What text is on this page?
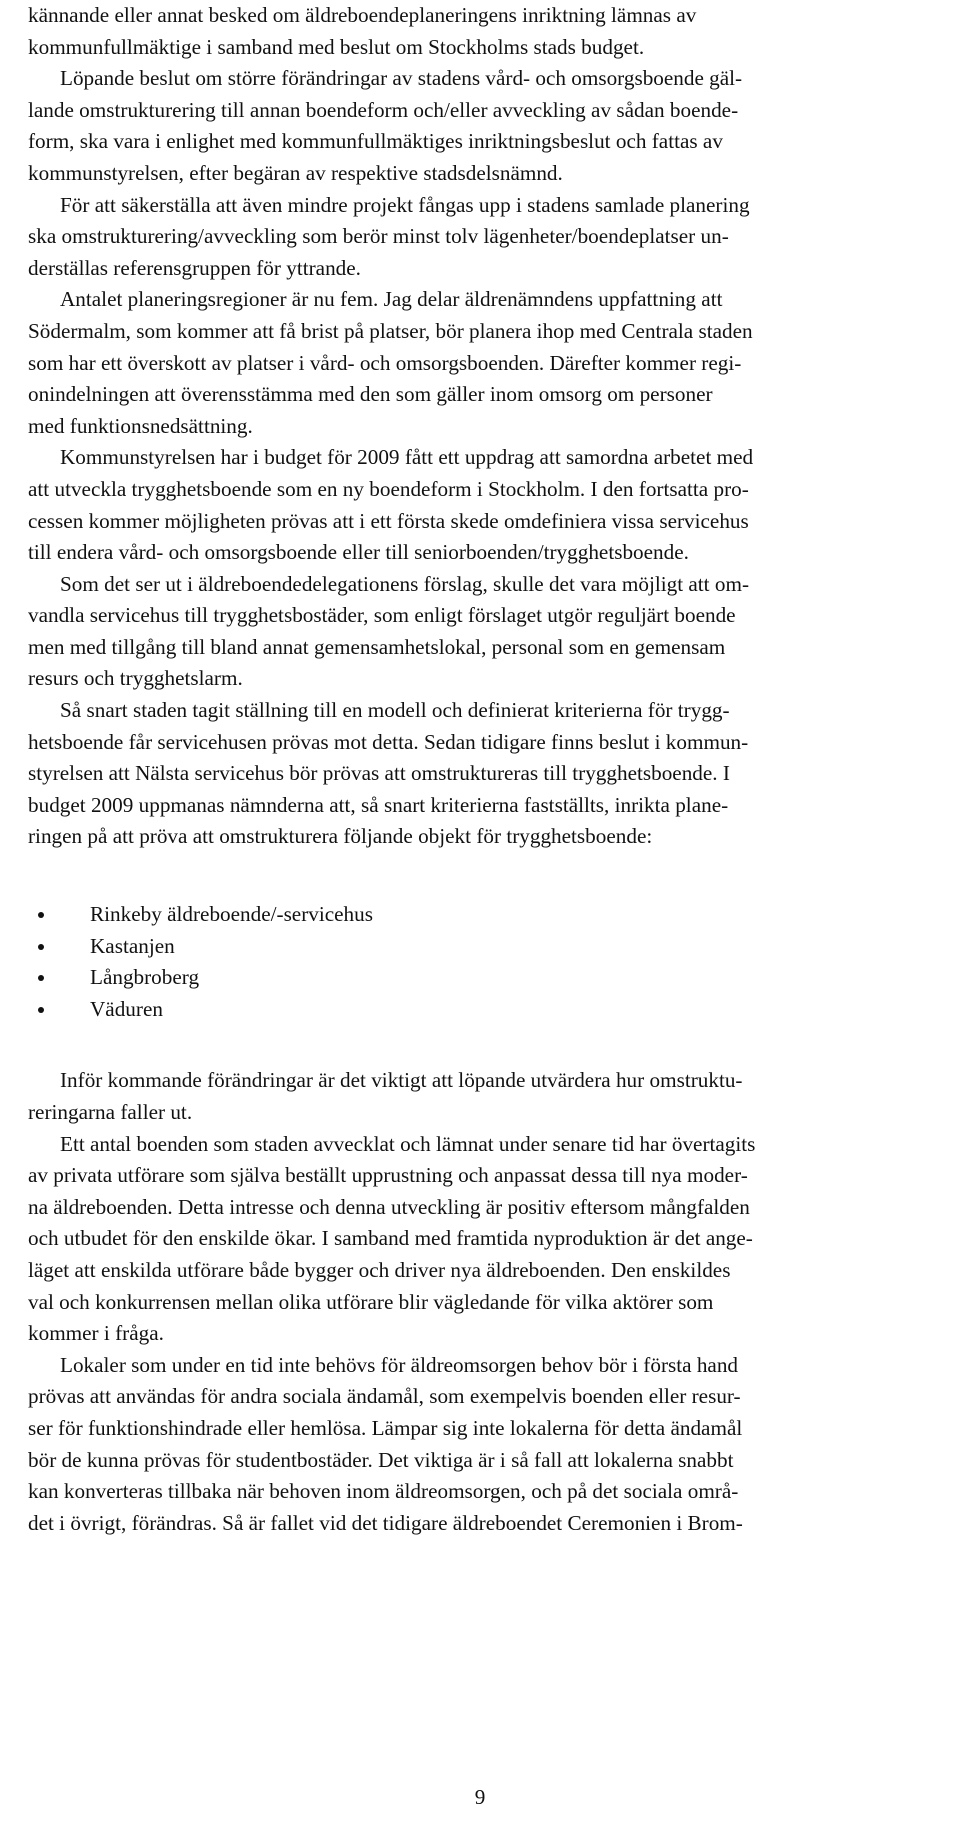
kännande eller annat besked om äldreboendeplaneringens inriktning lämnas av
kommunfullmäktige i samband med beslut om Stockholms stads budget.
Löpande beslut om större förändringar av stadens vård- och omsorgsboende gäl-
lande omstrukturering till annan boendeform och/eller avveckling av sådan boende-
form, ska vara i enlighet med kommunfullmäktiges inriktningsbeslut och fattas av
kommunstyrelsen, efter begäran av respektive stadsdelsnämnd.
För att säkerställa att även mindre projekt fångas upp i stadens samlade planering
ska omstrukturering/avveckling som berör minst tolv lägenheter/boendeplatser un-
derställas referensgruppen för yttrande.
Antalet planeringsregioner är nu fem. Jag delar äldrenämndens uppfattning att
Södermalm, som kommer att få brist på platser, bör planera ihop med Centrala staden
som har ett överskott av platser i vård- och omsorgsboenden. Därefter kommer regi-
onindelningen att överensstämma med den som gäller inom omsorg om personer
med funktionsnedsättning.
Kommunstyrelsen har i budget för 2009 fått ett uppdrag att samordna arbetet med
att utveckla trygghetsboende som en ny boendeform i Stockholm. I den fortsatta pro-
cessen kommer möjligheten prövas att i ett första skede omdefiniera vissa servicehus
till endera vård- och omsorgsboende eller till seniorboenden/trygghetsboende.
Som det ser ut i äldreboendedelegationens förslag, skulle det vara möjligt att om-
vandla servicehus till trygghetsbostäder, som enligt förslaget utgör reguljärt boende
men med tillgång till bland annat gemensamhetslokal, personal som en gemensam
resurs och trygghetslarm.
Så snart staden tagit ställning till en modell och definierat kriterierna för trygg-
hetsboende får servicehusen prövas mot detta. Sedan tidigare finns beslut i kommun-
styrelsen att Nälsta servicehus bör prövas att omstruktureras till trygghetsboende. I
budget 2009 uppmanas nämnderna att, så snart kriterierna fastställts, inrikta plane-
ringen på att pröva att omstrukturera följande objekt för trygghetsboende:
Rinkeby äldreboende/-servicehus
Kastanjen
Långbroberg
Väduren
Inför kommande förändringar är det viktigt att löpande utvärdera hur omstruktu-
reringarna faller ut.
Ett antal boenden som staden avvecklat och lämnat under senare tid har övertagits
av privata utförare som själva beställt upprustning och anpassat dessa till nya moder-
na äldreboenden. Detta intresse och denna utveckling är positiv eftersom mångfalden
och utbudet för den enskilde ökar. I samband med framtida nyproduktion är det ange-
läget att enskilda utförare både bygger och driver nya äldreboenden. Den enskildes
val och konkurrensen mellan olika utförare blir vägledande för vilka aktörer som
kommer i fråga.
Lokaler som under en tid inte behövs för äldreomsorgen behov bör i första hand
prövas att användas för andra sociala ändamål, som exempelvis boenden eller resur-
ser för funktionshindrade eller hemlösa. Lämpar sig inte lokalerna för detta ändamål
bör de kunna prövas för studentbostäder. Det viktiga är i så fall att lokalerna snabbt
kan konverteras tillbaka när behoven inom äldreomsorgen, och på det sociala områ-
det i övrigt, förändras. Så är fallet vid det tidigare äldreboendet Ceremonien i Brom-
9
